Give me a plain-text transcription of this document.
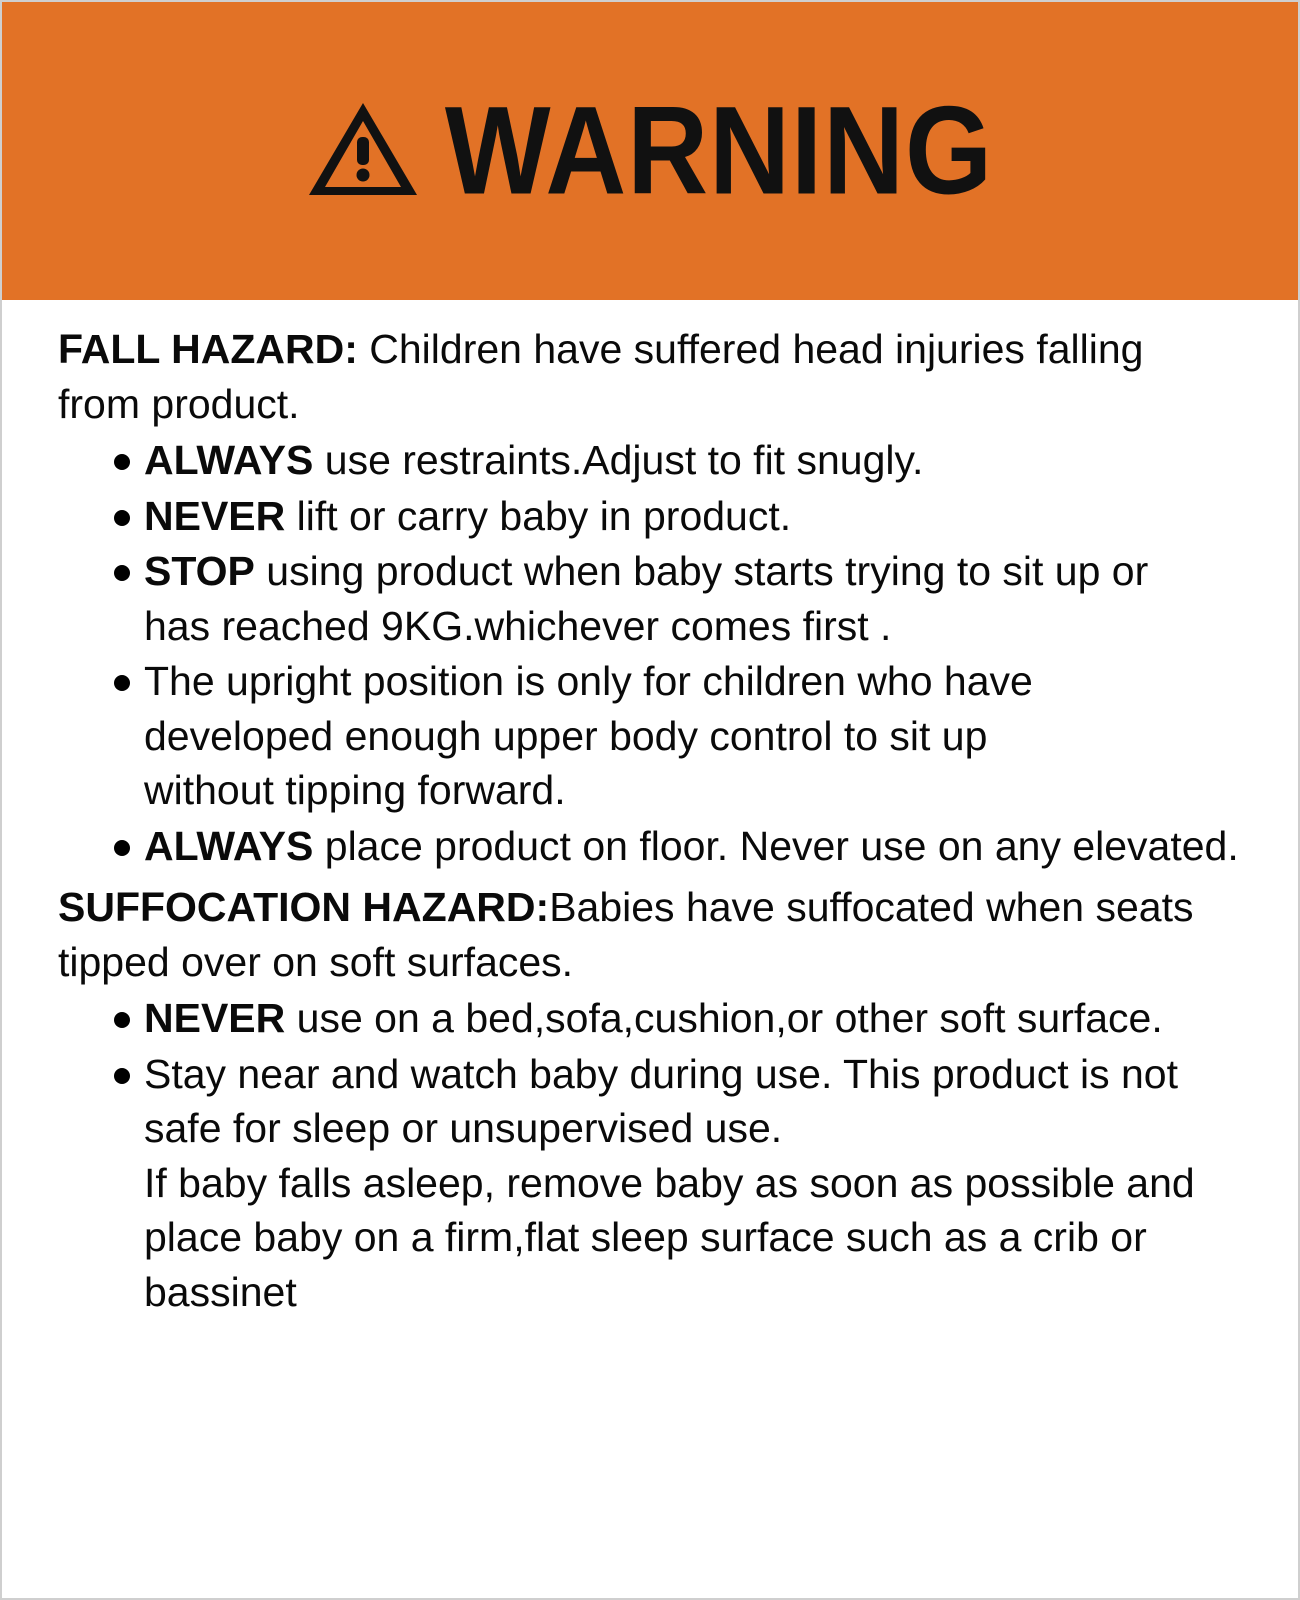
WARNING

FALL HAZARD: Children have suffered head injuries falling
from product.

ALWAYS use restraints.Adjust to fit snugly.
NEVER lift or carry baby in product.
STOP using product when baby starts trying to sit up or
has reached 9KG.whichever comes first .
The upright position is only for children who have
developed enough upper body control to sit up
without tipping forward.
ALWAYS place product on floor. Never use on any elevated.

SUFFOCATION HAZARD:Babies have suffocated when seats
tipped over on soft surfaces.

NEVER use on a bed,sofa,cushion,or other soft surface.
Stay near and watch baby during use. This product is not
safe for sleep or unsupervised use.
If baby falls asleep, remove baby as soon as possible and
place baby on a firm,flat sleep surface such as a crib or
bassinet
